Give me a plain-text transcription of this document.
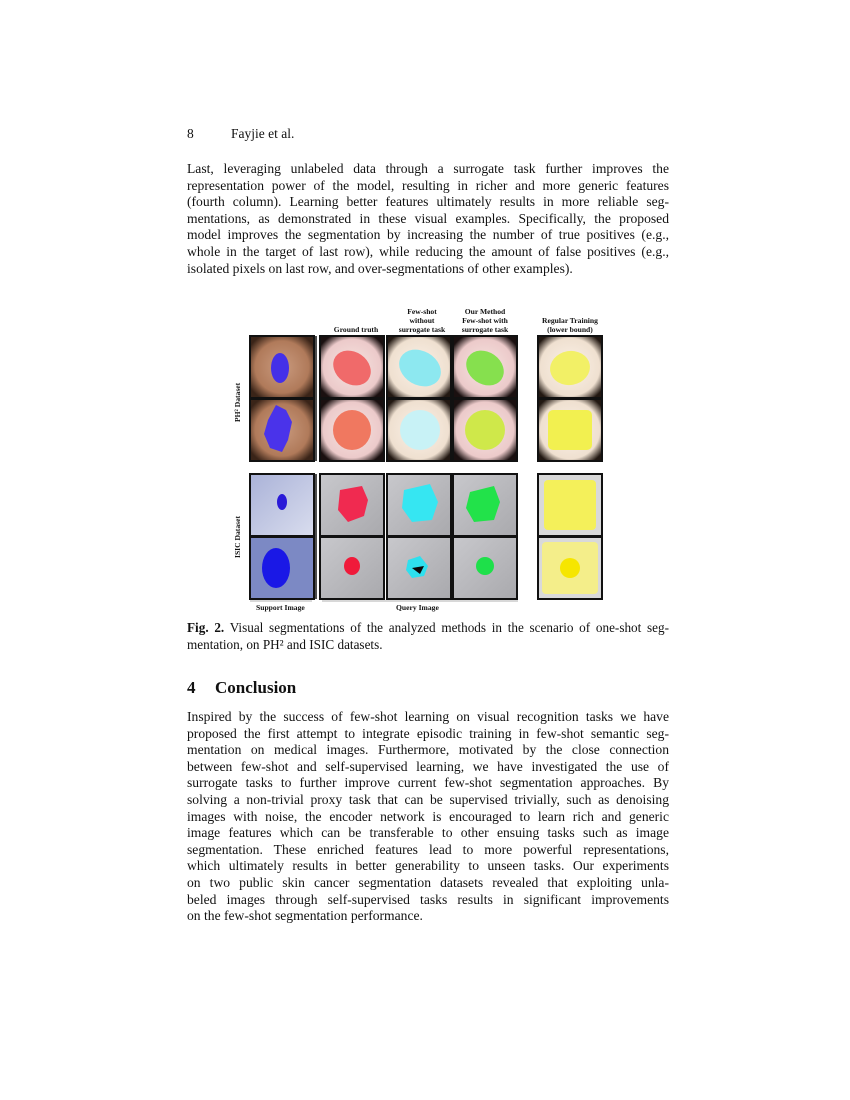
8	Fayjie et al.
Last, leveraging unlabeled data through a surrogate task further improves the
representation power of the model, resulting in richer and more generic features
(fourth column). Learning better features ultimately results in more reliable seg-
mentations, as demonstrated in these visual examples. Specifically, the proposed
model improves the segmentation by increasing the number of true positives (e.g.,
whole in the target of last row), while reducing the amount of false positives (e.g.,
isolated pixels on last row, and over-segmentations of other examples).
Ground truth
Few-shot
without
surrogate task
Our Method
Few-shot with
surrogate task
Regular Training
(lower bound)
PH² Dataset
ISIC Dataset
Support Image	Query Image
Fig. 2. Visual segmentations of the analyzed methods in the scenario of one-shot seg-
mentation, on PH² and ISIC datasets.
4 Conclusion
Inspired by the success of few-shot learning on visual recognition tasks we have
proposed the first attempt to integrate episodic training in few-shot semantic seg-
mentation on medical images. Furthermore, motivated by the close connection
between few-shot and self-supervised learning, we have investigated the use of
surrogate tasks to further improve current few-shot segmentation approaches. By
solving a non-trivial proxy task that can be supervised trivially, such as denoising
images with noise, the encoder network is encouraged to learn rich and generic
image features which can be transferable to other ensuing tasks such as image
segmentation. These enriched features lead to more powerful representations,
which ultimately results in better generability to unseen tasks. Our experiments
on two public skin cancer segmentation datasets revealed that exploiting unla-
beled images through self-supervised tasks results in significant improvements
on the few-shot segmentation performance.
